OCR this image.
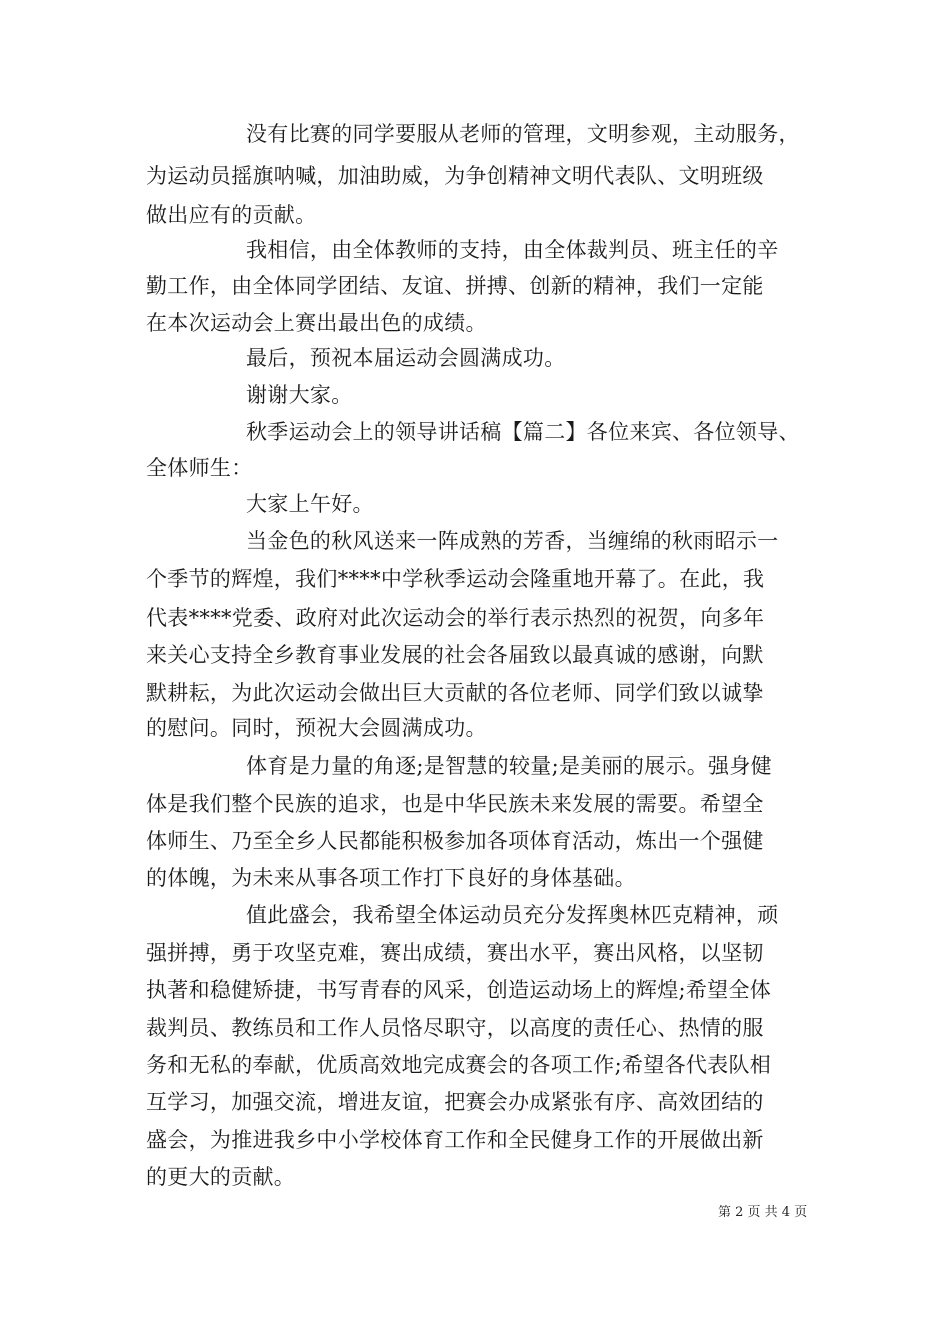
没有比赛的同学要服从老师的管理，文明参观，主动服务，
为运动员摇旗呐喊，加油助威，为争创精神文明代表队、文明班级
做出应有的贡献。
我相信，由全体教师的支持，由全体裁判员、班主任的辛
勤工作，由全体同学团结、友谊、拼搏、创新的精神，我们一定能
在本次运动会上赛出最出色的成绩。
最后，预祝本届运动会圆满成功。
谢谢大家。
秋季运动会上的领导讲话稿【篇二】各位来宾、各位领导、
全体师生：
大家上午好。
当金色的秋风送来一阵成熟的芳香，当缠绵的秋雨昭示一
个季节的辉煌，我们****中学秋季运动会隆重地开幕了。在此，我
代表****党委、政府对此次运动会的举行表示热烈的祝贺，向多年
来关心支持全乡教育事业发展的社会各届致以最真诚的感谢，向默
默耕耘，为此次运动会做出巨大贡献的各位老师、同学们致以诚挚
的慰问。同时，预祝大会圆满成功。
体育是力量的角逐;是智慧的较量;是美丽的展示。强身健
体是我们整个民族的追求，也是中华民族未来发展的需要。希望全
体师生、乃至全乡人民都能积极参加各项体育活动，炼出一个强健
的体魄，为未来从事各项工作打下良好的身体基础。
值此盛会，我希望全体运动员充分发挥奥林匹克精神，顽
强拼搏，勇于攻坚克难，赛出成绩，赛出水平，赛出风格，以坚韧
执著和稳健矫捷，书写青春的风采，创造运动场上的辉煌;希望全体
裁判员、教练员和工作人员恪尽职守，以高度的责任心、热情的服
务和无私的奉献，优质高效地完成赛会的各项工作;希望各代表队相
互学习，加强交流，增进友谊，把赛会办成紧张有序、高效团结的
盛会，为推进我乡中小学校体育工作和全民健身工作的开展做出新
的更大的贡献。
第 2 页 共 4 页
